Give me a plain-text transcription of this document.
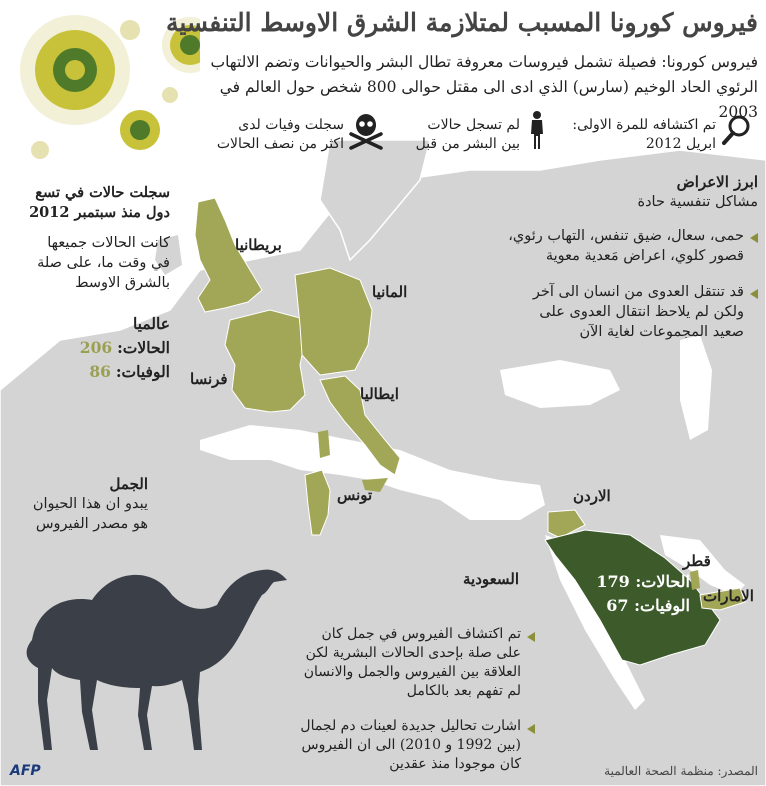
فيروس كورونا المسبب لمتلازمة الشرق الاوسط التنفسية
فيروس كورونا: فصيلة تشمل فيروسات معروفة تطال البشر والحيوانات وتضم الالتهاب الرئوي الحاد الوخيم (سارس) الذي ادى الى مقتل حوالى 800 شخص حول العالم في 2003
تم اكتشافه للمرة الاولى:
ابريل 2012
لم تسجل حالات
بين البشر من قبل
سجلت وفيات لدى
اكثر من نصف الحالات
ابرز الاعراض
مشاكل تنفسية حادة
حمى، سعال، ضيق تنفس، التهاب رئوي، قصور كلوي، اعراض مَعدية معوية
قد تنتقل العدوى من انسان الى آخر ولكن لم يلاحظ انتقال العدوى على صعيد المجموعات لغاية الآن
سجلت حالات في تسع
دول منذ سبتمبر 2012
كانت الحالات جميعها
في وقت ما، على صلة
بالشرق الاوسط
عالميا
الحالات: 206
الوفيات: 86
بريطانيا
المانيا
فرنسا
ايطاليا
تونس	الاردن
السعودية
قطر
الامارات
الحالات: 179
الوفيات: 67
الجمل
يبدو ان هذا الحيوان
هو مصدر الفيروس
تم اكتشاف الفيروس في جمل كان على صلة بإحدى الحالات البشرية لكن العلاقة بين الفيروس والجمل والانسان لم تفهم بعد بالكامل
اشارت تحاليل جديدة لعينات دم لجمال (بين 1992 و 2010) الى ان الفيروس كان موجودا منذ عقدين
AFP	المصدر: منظمة الصحة العالمية
